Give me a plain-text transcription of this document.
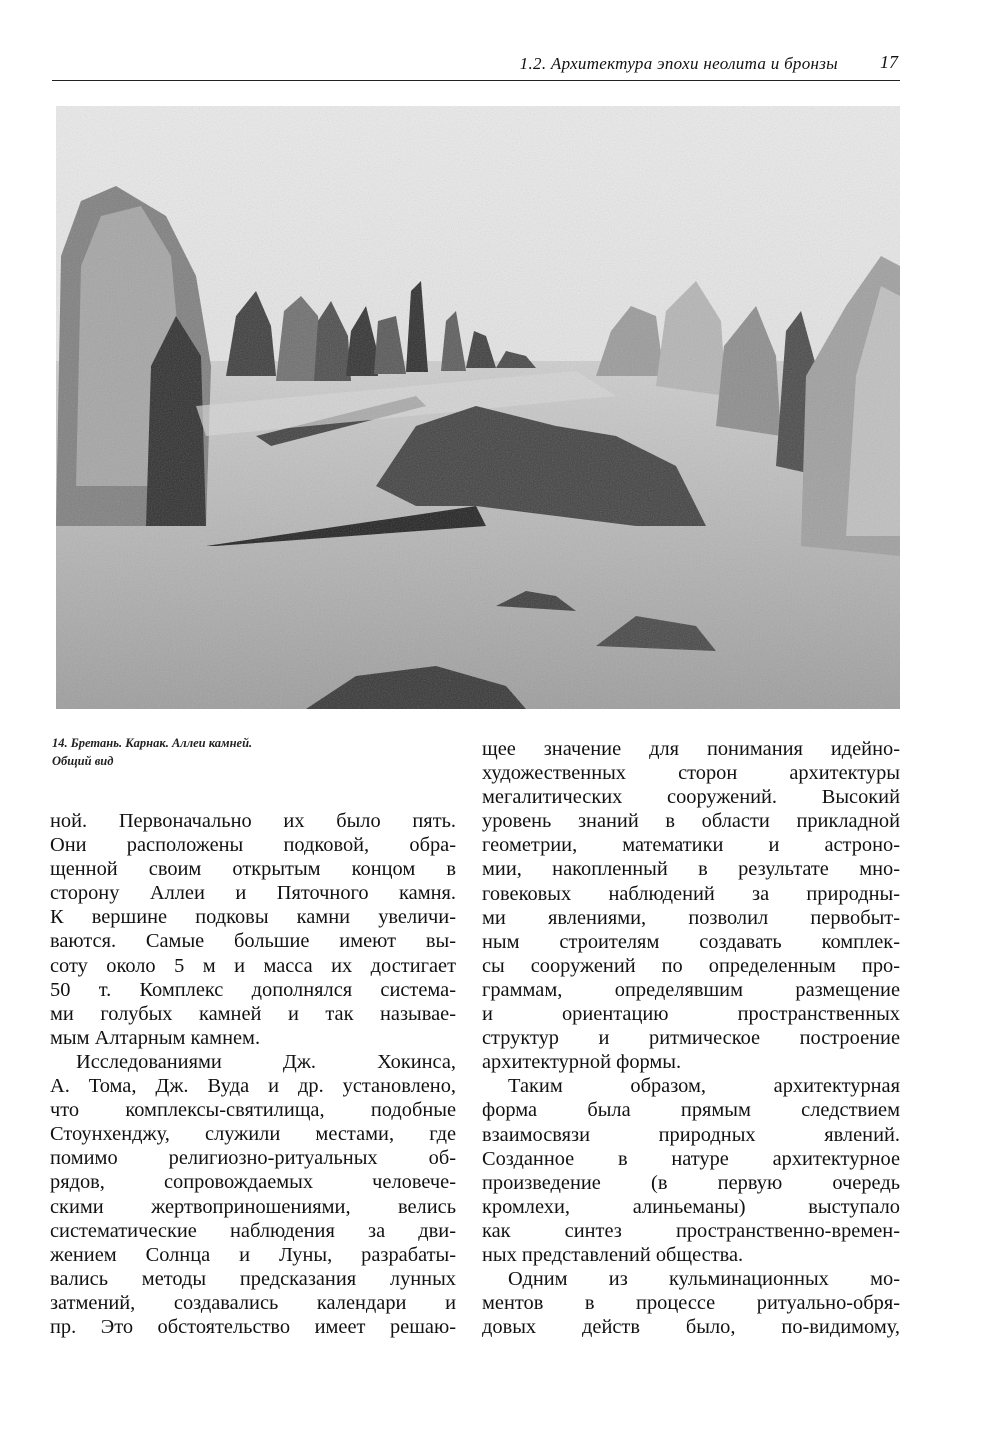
1.2. Архитектура эпохи неолита и бронзы 17
14. Бретань. Карнак. Аллеи камней.
Общий вид
ной. Первоначально их было пять.
Они расположены подковой, обра-
щенной своим открытым концом в
сторону Аллеи и Пяточного камня.
К вершине подковы камни увеличи-
ваются. Самые большие имеют вы-
соту около 5 м и масса их достигает
50 т. Комплекс дополнялся система-
ми голубых камней и так называе-
мым Алтарным камнем.
Исследованиями Дж. Хокинса,
А. Тома, Дж. Вуда и др. установлено,
что комплексы-святилища, подобные
Стоунхенджу, служили местами, где
помимо религиозно-ритуальных об-
рядов, сопровождаемых человече-
скими жертвоприношениями, велись
систематические наблюдения за дви-
жением Солнца и Луны, разрабаты-
вались методы предсказания лунных
затмений, создавались календари и
пр. Это обстоятельство имеет решаю-
щее значение для понимания идейно-
художественных сторон архитектуры
мегалитических сооружений. Высокий
уровень знаний в области прикладной
геометрии, математики и астроно-
мии, накопленный в результате мно-
говековых наблюдений за природны-
ми явлениями, позволил первобыт-
ным строителям создавать комплек-
сы сооружений по определенным про-
граммам, определявшим размещение
и ориентацию пространственных
структур и ритмическое построение
архитектурной формы.
Таким образом, архитектурная
форма была прямым следствием
взаимосвязи природных явлений.
Созданное в натуре архитектурное
произведение (в первую очередь
кромлехи, алиньеманы) выступало
как синтез пространственно-времен-
ных представлений общества.
Одним из кульминационных мо-
ментов в процессе ритуально-обря-
довых действ было, по-видимому,
